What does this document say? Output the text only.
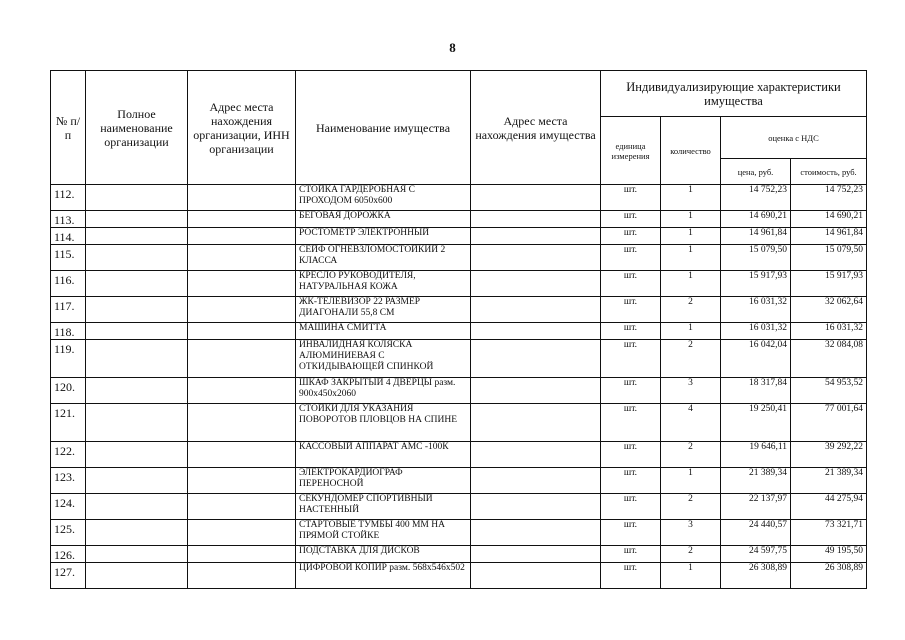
8
№ п/п	Полное наименование организации	Адрес места нахождения организации, ИНН организации	Наименование имущества	Адрес места нахождения имущества	Индивидуализирующие характеристики имущества			
					единица измерения	количество	оценка с НДС	
							цена, руб.	стоимость, руб.
112.			СТОЙКА ГАРДЕРОБНАЯ С ПРОХОДОМ 6050х600		шт.	1	14 752,23	14 752,23
113.			БЕГОВАЯ ДОРОЖКА		шт.	1	14 690,21	14 690,21
114.			РОСТОМЕТР ЭЛЕКТРОННЫЙ		шт.	1	14 961,84	14 961,84
115.			СЕЙФ ОГНЕВЗЛОМОСТОЙКИЙ 2 КЛАССА		шт.	1	15 079,50	15 079,50
116.			КРЕСЛО РУКОВОДИТЕЛЯ, НАТУРАЛЬНАЯ КОЖА		шт.	1	15 917,93	15 917,93
117.			ЖК-ТЕЛЕВИЗОР 22 РАЗМЕР ДИАГОНАЛИ 55,8 СМ		шт.	2	16 031,32	32 062,64
118.			МАШИНА СМИТТА		шт.	1	16 031,32	16 031,32
119.			ИНВАЛИДНАЯ КОЛЯСКА АЛЮМИНИЕВАЯ С ОТКИДЫВАЮЩЕЙ СПИНКОЙ		шт.	2	16 042,04	32 084,08
120.			ШКАФ ЗАКРЫТЫЙ 4 ДВЕРЦЫ разм. 900х450х2060		шт.	3	18 317,84	54 953,52
121.			СТОЙКИ ДЛЯ УКАЗАНИЯ ПОВОРОТОВ ПЛОВЦОВ НА СПИНЕ		шт.	4	19 250,41	77 001,64
122.			КАССОВЫЙ АППАРАТ АМС -100К		шт.	2	19 646,11	39 292,22
123.			ЭЛЕКТРОКАРДИОГРАФ ПЕРЕНОСНОЙ		шт.	1	21 389,34	21 389,34
124.			СЕКУНДОМЕР СПОРТИВНЫЙ НАСТЕННЫЙ		шт.	2	22 137,97	44 275,94
125.			СТАРТОВЫЕ ТУМБЫ 400 ММ НА ПРЯМОЙ СТОЙКЕ		шт.	3	24 440,57	73 321,71
126.			ПОДСТАВКА ДЛЯ ДИСКОВ		шт.	2	24 597,75	49 195,50
127.			ЦИФРОВОЙ КОПИР разм. 568х546х502		шт.	1	26 308,89	26 308,89
